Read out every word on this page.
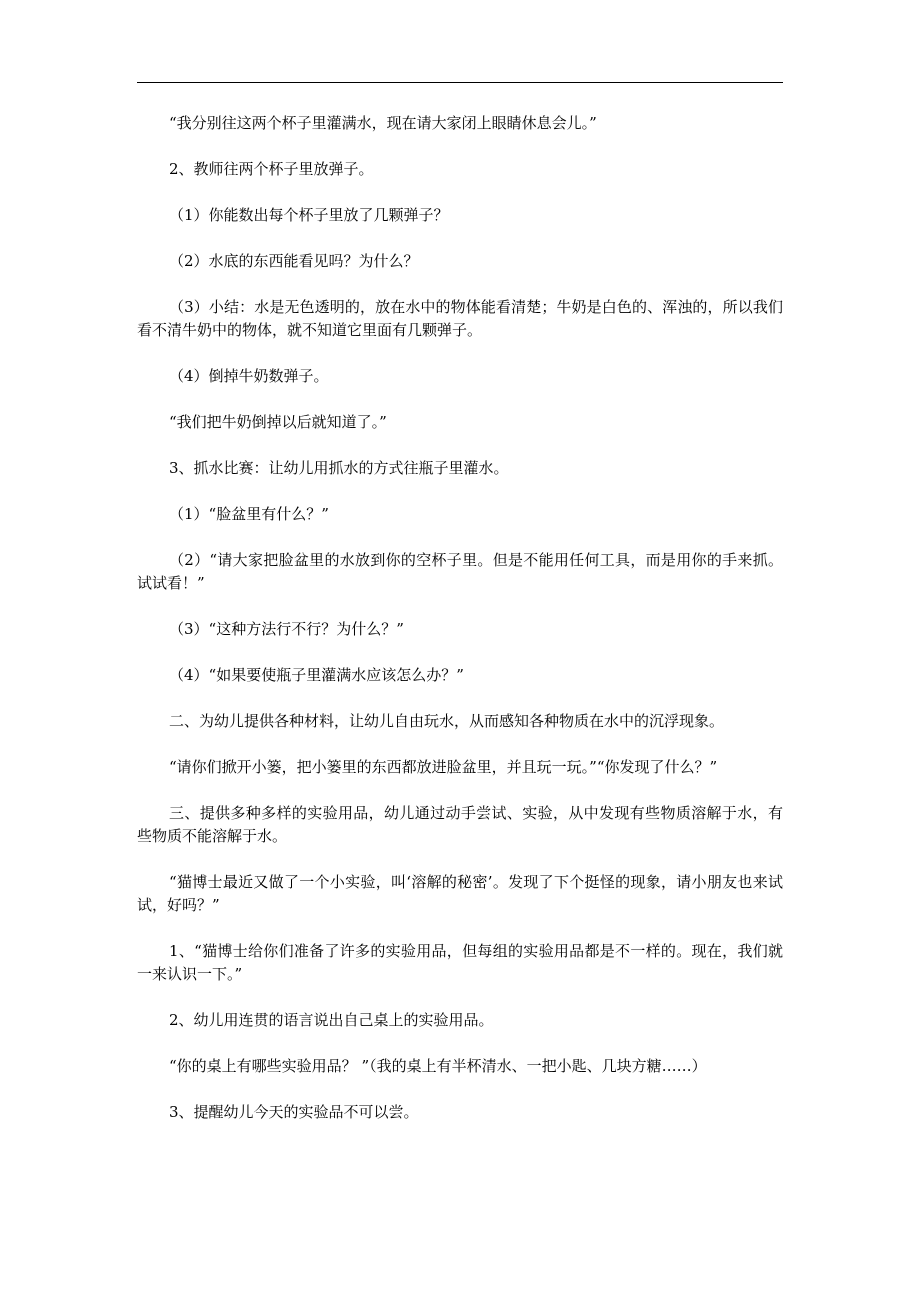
“我分别往这两个杯子里灌满水，现在请大家闭上眼睛休息会儿。”

2、教师往两个杯子里放弹子。

（1）你能数出每个杯子里放了几颗弹子？

（2）水底的东西能看见吗？为什么？

（3）小结：水是无色透明的，放在水中的物体能看清楚；牛奶是白色的、浑浊的，所以我们看不清牛奶中的物体，就不知道它里面有几颗弹子。

（4）倒掉牛奶数弹子。

“我们把牛奶倒掉以后就知道了。”

3、抓水比赛：让幼儿用抓水的方式往瓶子里灌水。

（1）“脸盆里有什么？”

（2）“请大家把脸盆里的水放到你的空杯子里。但是不能用任何工具，而是用你的手来抓。试试看！”

（3）“这种方法行不行？为什么？”

（4）“如果要使瓶子里灌满水应该怎么办？”

二、为幼儿提供各种材料，让幼儿自由玩水，从而感知各种物质在水中的沉浮现象。

“请你们掀开小篓，把小篓里的东西都放进脸盆里，并且玩一玩。”“你发现了什么？”

三、提供多种多样的实验用品，幼儿通过动手尝试、实验，从中发现有些物质溶解于水，有些物质不能溶解于水。

“猫博士最近又做了一个小实验，叫‘溶解的秘密’。发现了下个挺怪的现象，请小朋友也来试试，好吗？”

1、“猫博士给你们准备了许多的实验用品，但每组的实验用品都是不一样的。现在，我们就一来认识一下。”

2、幼儿用连贯的语言说出自己桌上的实验用品。

“你的桌上有哪些实验用品？ ”（我的桌上有半杯清水、一把小匙、几块方糖……）

3、提醒幼儿今天的实验品不可以尝。
